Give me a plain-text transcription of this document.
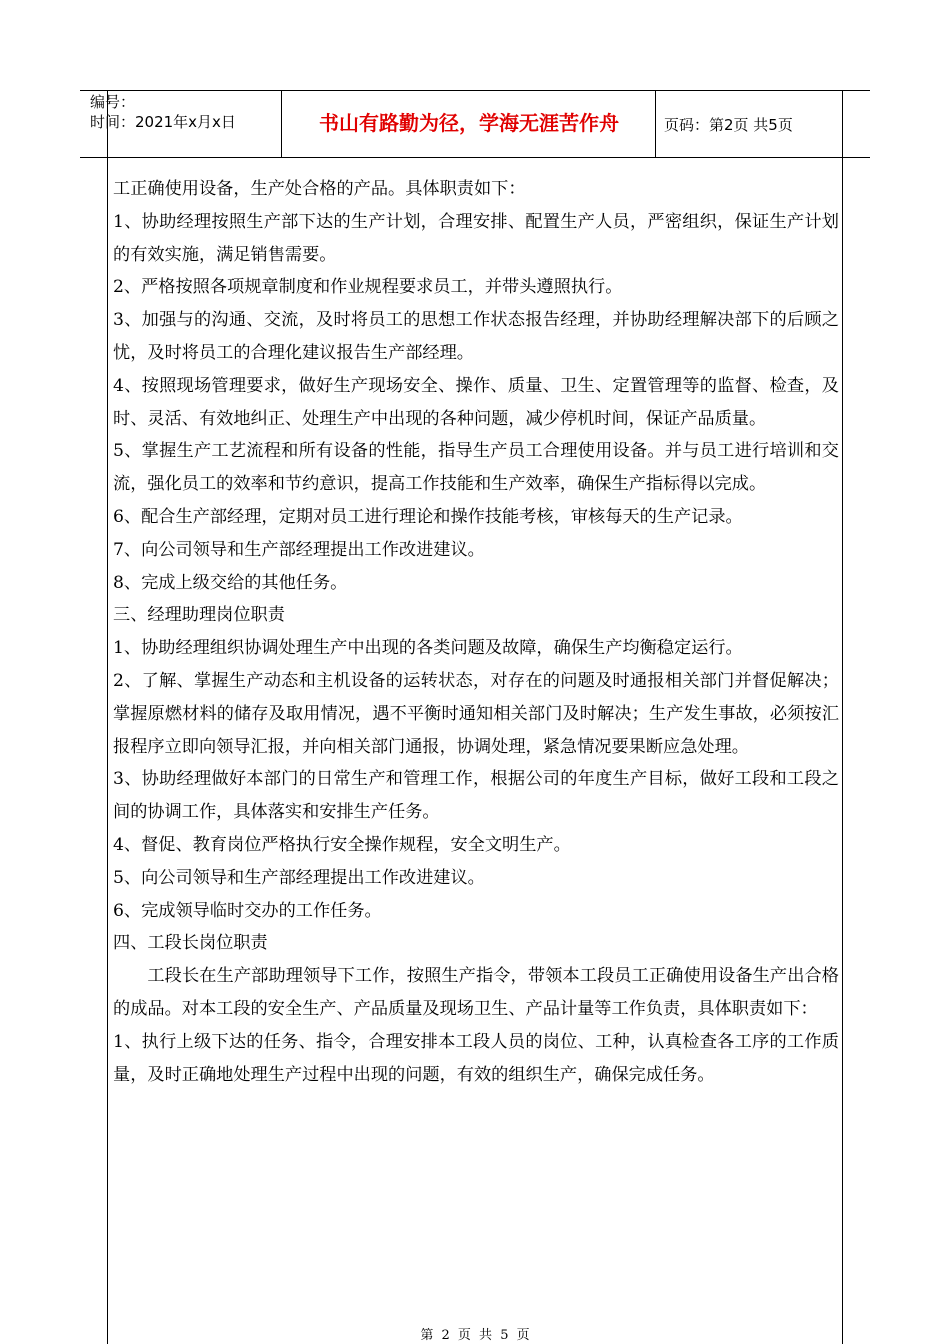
编号：
时间：2021年x月x日	书山有路勤为径，学海无涯苦作舟	页码：第2页 共5页

工正确使用设备，生产处合格的产品。具体职责如下：

1、协助经理按照生产部下达的生产计划，合理安排、配置生产人员，严密组织，保证生产计划的有效实施，满足销售需要。

2、严格按照各项规章制度和作业规程要求员工，并带头遵照执行。

3、加强与的沟通、交流，及时将员工的思想工作状态报告经理，并协助经理解决部下的后顾之忧，及时将员工的合理化建议报告生产部经理。

4、按照现场管理要求，做好生产现场安全、操作、质量、卫生、定置管理等的监督、检查，及时、灵活、有效地纠正、处理生产中出现的各种问题，减少停机时间，保证产品质量。

5、掌握生产工艺流程和所有设备的性能，指导生产员工合理使用设备。并与员工进行培训和交流，强化员工的效率和节约意识，提高工作技能和生产效率，确保生产指标得以完成。

6、配合生产部经理，定期对员工进行理论和操作技能考核，审核每天的生产记录。

7、向公司领导和生产部经理提出工作改进建议。

8、完成上级交给的其他任务。

三、经理助理岗位职责

1、协助经理组织协调处理生产中出现的各类问题及故障，确保生产均衡稳定运行。

2、了解、掌握生产动态和主机设备的运转状态，对存在的问题及时通报相关部门并督促解决；掌握原燃材料的储存及取用情况，遇不平衡时通知相关部门及时解决；生产发生事故，必须按汇报程序立即向领导汇报，并向相关部门通报，协调处理，紧急情况要果断应急处理。

3、协助经理做好本部门的日常生产和管理工作，根据公司的年度生产目标，做好工段和工段之间的协调工作，具体落实和安排生产任务。

4、督促、教育岗位严格执行安全操作规程，安全文明生产。

5、向公司领导和生产部经理提出工作改进建议。

6、完成领导临时交办的工作任务。

四、工段长岗位职责

工段长在生产部助理领导下工作，按照生产指令，带领本工段员工正确使用设备生产出合格的成品。对本工段的安全生产、产品质量及现场卫生、产品计量等工作负责，具体职责如下：

1、执行上级下达的任务、指令，合理安排本工段人员的岗位、工种，认真检查各工序的工作质量，及时正确地处理生产过程中出现的问题，有效的组织生产，确保完成任务。

第 2 页 共 5 页
